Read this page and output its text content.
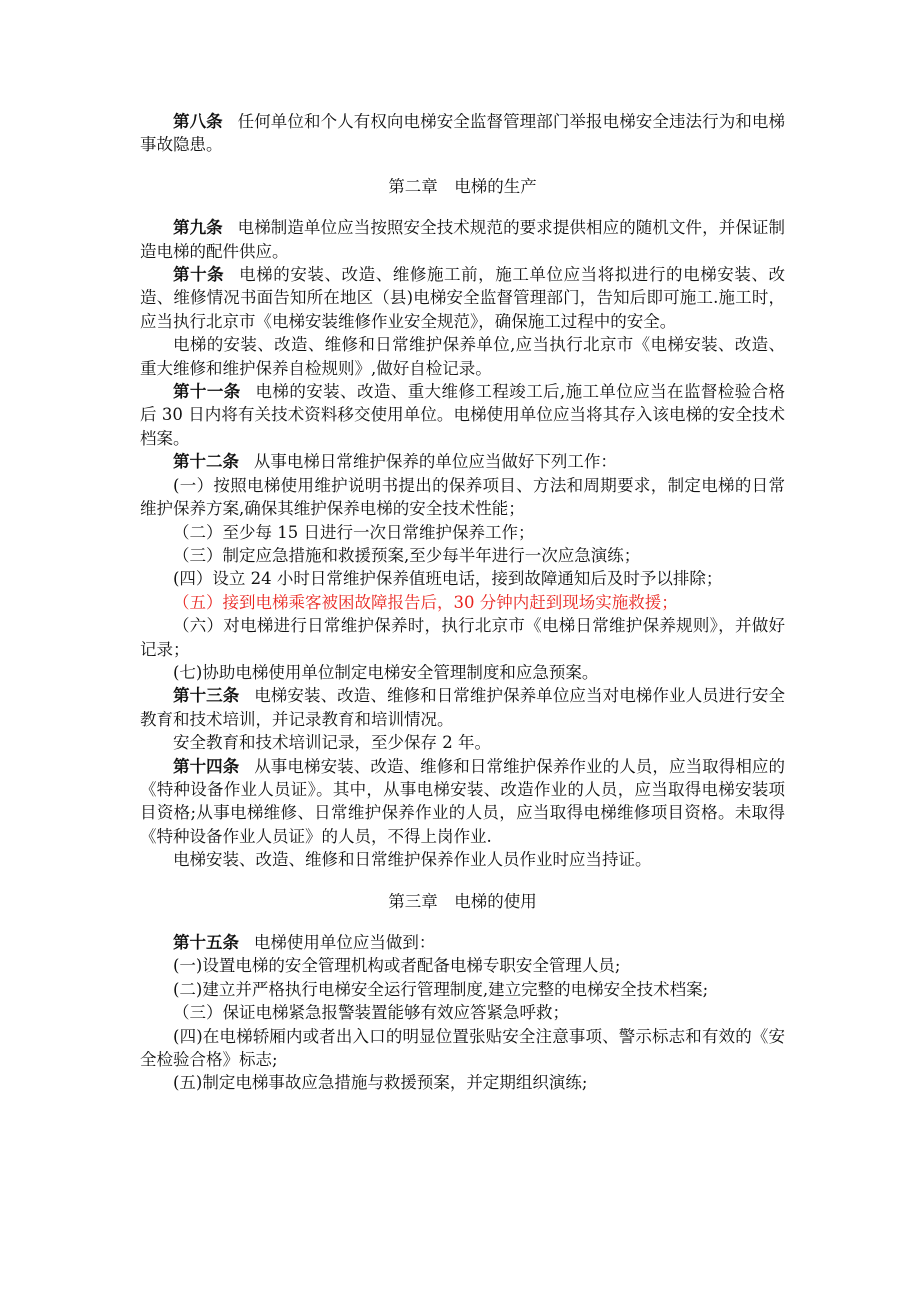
第八条 任何单位和个人有权向电梯安全监督管理部门举报电梯安全违法行为和电梯事故隐患。

第二章　电梯的生产

第九条 电梯制造单位应当按照安全技术规范的要求提供相应的随机文件，并保证制造电梯的配件供应。

第十条 电梯的安装、改造、维修施工前，施工单位应当将拟进行的电梯安装、改造、维修情况书面告知所在地区（县)电梯安全监督管理部门，告知后即可施工.施工时，应当执行北京市《电梯安装维修作业安全规范》，确保施工过程中的安全。

电梯的安装、改造、维修和日常维护保养单位,应当执行北京市《电梯安装、改造、重大维修和维护保养自检规则》,做好自检记录。

第十一条 电梯的安装、改造、重大维修工程竣工后,施工单位应当在监督检验合格后 30 日内将有关技术资料移交使用单位。电梯使用单位应当将其存入该电梯的安全技术档案。

第十二条 从事电梯日常维护保养的单位应当做好下列工作：

(一）按照电梯使用维护说明书提出的保养项目、方法和周期要求，制定电梯的日常维护保养方案,确保其维护保养电梯的安全技术性能；

（二）至少每 15 日进行一次日常维护保养工作；

（三）制定应急措施和救援预案,至少每半年进行一次应急演练；

(四）设立 24 小时日常维护保养值班电话，接到故障通知后及时予以排除；

（五）接到电梯乘客被困故障报告后，30 分钟内赶到现场实施救援；

（六）对电梯进行日常维护保养时，执行北京市《电梯日常维护保养规则》，并做好记录；

(七)协助电梯使用单位制定电梯安全管理制度和应急预案。

第十三条 电梯安装、改造、维修和日常维护保养单位应当对电梯作业人员进行安全教育和技术培训，并记录教育和培训情况。

安全教育和技术培训记录，至少保存 2 年。

第十四条 从事电梯安装、改造、维修和日常维护保养作业的人员，应当取得相应的《特种设备作业人员证》。其中，从事电梯安装、改造作业的人员，应当取得电梯安装项目资格;从事电梯维修、日常维护保养作业的人员，应当取得电梯维修项目资格。未取得《特种设备作业人员证》的人员，不得上岗作业.

电梯安装、改造、维修和日常维护保养作业人员作业时应当持证。

第三章　电梯的使用

第十五条 电梯使用单位应当做到：

(一)设置电梯的安全管理机构或者配备电梯专职安全管理人员;

(二)建立并严格执行电梯安全运行管理制度,建立完整的电梯安全技术档案;

（三）保证电梯紧急报警装置能够有效应答紧急呼救；

(四)在电梯轿厢内或者出入口的明显位置张贴安全注意事项、警示标志和有效的《安全检验合格》标志;

(五)制定电梯事故应急措施与救援预案，并定期组织演练;
